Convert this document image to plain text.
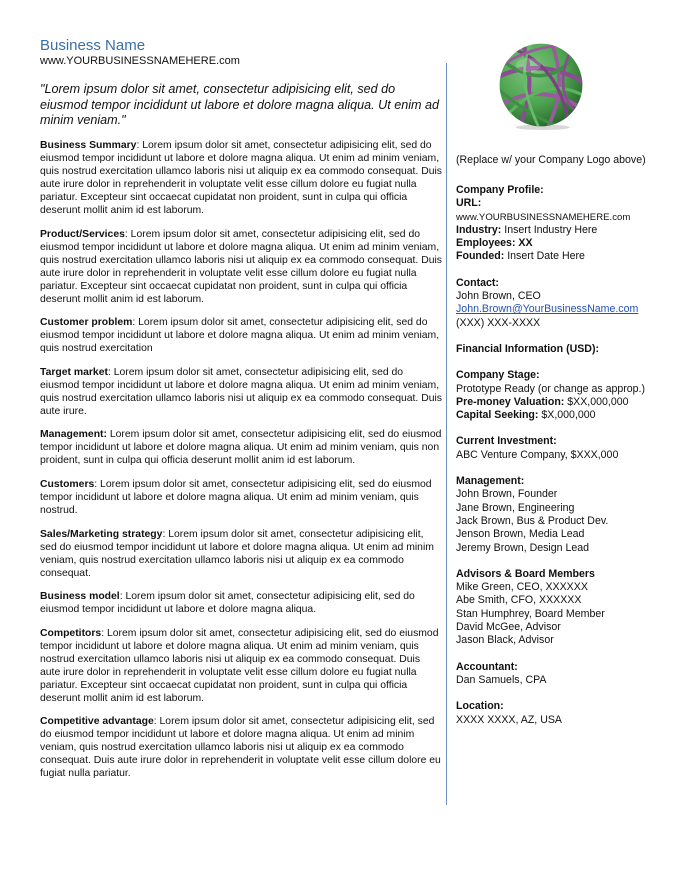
Business Name
www.YOURBUSINESSNAMEHERE.com
"Lorem ipsum dolor sit amet, consectetur adipisicing elit, sed do eiusmod tempor incididunt ut labore et dolore magna aliqua. Ut enim ad minim veniam."
Business Summary: Lorem ipsum dolor sit amet, consectetur adipisicing elit, sed do eiusmod tempor incididunt ut labore et dolore magna aliqua. Ut enim ad minim veniam, quis nostrud exercitation ullamco laboris nisi ut aliquip ex ea commodo consequat. Duis aute irure dolor in reprehenderit in voluptate velit esse cillum dolore eu fugiat nulla pariatur. Excepteur sint occaecat cupidatat non proident, sunt in culpa qui officia deserunt mollit anim id est laborum.
Product/Services: Lorem ipsum dolor sit amet, consectetur adipisicing elit, sed do eiusmod tempor incididunt ut labore et dolore magna aliqua. Ut enim ad minim veniam, quis nostrud exercitation ullamco laboris nisi ut aliquip ex ea commodo consequat. Duis aute irure dolor in reprehenderit in voluptate velit esse cillum dolore eu fugiat nulla pariatur. Excepteur sint occaecat cupidatat non proident, sunt in culpa qui officia deserunt mollit anim id est laborum.
Customer problem: Lorem ipsum dolor sit amet, consectetur adipisicing elit, sed do eiusmod tempor incididunt ut labore et dolore magna aliqua. Ut enim ad minim veniam, quis nostrud exercitation
Target market: Lorem ipsum dolor sit amet, consectetur adipisicing elit, sed do eiusmod tempor incididunt ut labore et dolore magna aliqua. Ut enim ad minim veniam, quis nostrud exercitation ullamco laboris nisi ut aliquip ex ea commodo consequat. Duis aute irure.
Management: Lorem ipsum dolor sit amet, consectetur adipisicing elit, sed do eiusmod tempor incididunt ut labore et dolore magna aliqua. Ut enim ad minim veniam, quis non proident, sunt in culpa qui officia deserunt mollit anim id est laborum.
Customers: Lorem ipsum dolor sit amet, consectetur adipisicing elit, sed do eiusmod tempor incididunt ut labore et dolore magna aliqua. Ut enim ad minim veniam, quis nostrud.
Sales/Marketing strategy: Lorem ipsum dolor sit amet, consectetur adipisicing elit, sed do eiusmod tempor incididunt ut labore et dolore magna aliqua. Ut enim ad minim veniam, quis nostrud exercitation ullamco laboris nisi ut aliquip ex ea commodo consequat.
Business model: Lorem ipsum dolor sit amet, consectetur adipisicing elit, sed do eiusmod tempor incididunt ut labore et dolore magna aliqua.
Competitors: Lorem ipsum dolor sit amet, consectetur adipisicing elit, sed do eiusmod tempor incididunt ut labore et dolore magna aliqua. Ut enim ad minim veniam, quis nostrud exercitation ullamco laboris nisi ut aliquip ex ea commodo consequat. Duis aute irure dolor in reprehenderit in voluptate velit esse cillum dolore eu fugiat nulla pariatur. Excepteur sint occaecat cupidatat non proident, sunt in culpa qui officia deserunt mollit anim id est laborum.
Competitive advantage: Lorem ipsum dolor sit amet, consectetur adipisicing elit, sed do eiusmod tempor incididunt ut labore et dolore magna aliqua. Ut enim ad minim veniam, quis nostrud exercitation ullamco laboris nisi ut aliquip ex ea commodo consequat. Duis aute irure dolor in reprehenderit in voluptate velit esse cillum dolore eu fugiat nulla pariatur.
(Replace w/ your Company Logo above)
Company Profile:
URL:
www.YOURBUSINESSNAMEHERE.com
Industry: Insert Industry Here
Employees: XX
Founded: Insert Date Here
Contact:
John Brown, CEO
John.Brown@YourBusinessName.com
(XXX) XXX-XXXX
Financial Information (USD):
Company Stage:
Prototype Ready (or change as approp.)
Pre-money Valuation: $XX,000,000
Capital Seeking: $X,000,000
Current Investment:
ABC Venture Company, $XXX,000
Management:
John Brown, Founder
Jane Brown, Engineering
Jack Brown, Bus & Product Dev.
Jenson Brown, Media Lead
Jeremy Brown, Design Lead
Advisors & Board Members
Mike Green, CEO, XXXXXX
Abe Smith, CFO, XXXXXX
Stan Humphrey, Board Member
David McGee, Advisor
Jason Black, Advisor
Accountant:
Dan Samuels, CPA
Location:
XXXX XXXX, AZ, USA
